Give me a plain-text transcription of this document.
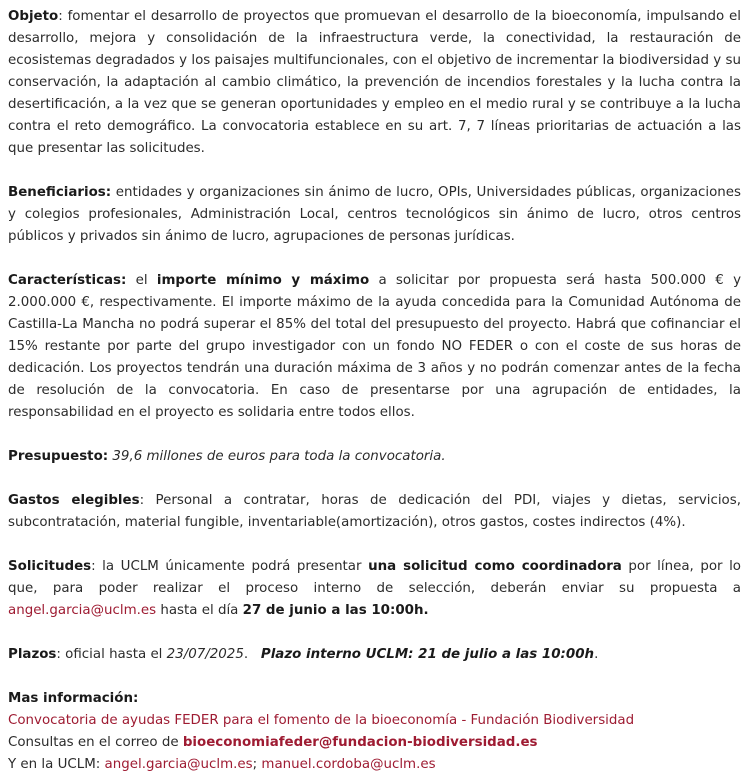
Objeto: fomentar el desarrollo de proyectos que promuevan el desarrollo de la bioeconomía, impulsando el desarrollo, mejora y consolidación de la infraestructura verde, la conectividad, la restauración de ecosistemas degradados y los paisajes multifuncionales, con el objetivo de incrementar la biodiversidad y su conservación, la adaptación al cambio climático, la prevención de incendios forestales y la lucha contra la desertificación, a la vez que se generan oportunidades y empleo en el medio rural y se contribuye a la lucha contra el reto demográfico. La convocatoria establece en su art. 7, 7 líneas prioritarias de actuación a las que presentar las solicitudes.

Beneficiarios: entidades y organizaciones sin ánimo de lucro, OPIs, Universidades públicas, organizaciones y colegios profesionales, Administración Local, centros tecnológicos sin ánimo de lucro, otros centros públicos y privados sin ánimo de lucro, agrupaciones de personas jurídicas.

Características: el importe mínimo y máximo a solicitar por propuesta será hasta 500.000 € y 2.000.000 €, respectivamente. El importe máximo de la ayuda concedida para la Comunidad Autónoma de Castilla-La Mancha no podrá superar el 85% del total del presupuesto del proyecto. Habrá que cofinanciar el 15% restante por parte del grupo investigador con un fondo NO FEDER o con el coste de sus horas de dedicación. Los proyectos tendrán una duración máxima de 3 años y no podrán comenzar antes de la fecha de resolución de la convocatoria. En caso de presentarse por una agrupación de entidades, la responsabilidad en el proyecto es solidaria entre todos ellos.

Presupuesto: 39,6 millones de euros para toda la convocatoria.

Gastos elegibles: Personal a contratar, horas de dedicación del PDI, viajes y dietas, servicios, subcontratación, material fungible, inventariable(amortización), otros gastos, costes indirectos (4%).

Solicitudes: la UCLM únicamente podrá presentar una solicitud como coordinadora por línea, por lo que, para poder realizar el proceso interno de selección, deberán enviar su propuesta a angel.garcia@uclm.es hasta el día 27 de junio a las 10:00h.

Plazos: oficial hasta el 23/07/2025.   Plazo interno UCLM: 21 de julio a las 10:00h.

Mas información:
Convocatoria de ayudas FEDER para el fomento de la bioeconomía - Fundación Biodiversidad
Consultas en el correo de bioeconomiafeder@fundacion-biodiversidad.es
Y en la UCLM: angel.garcia@uclm.es; manuel.cordoba@uclm.es
